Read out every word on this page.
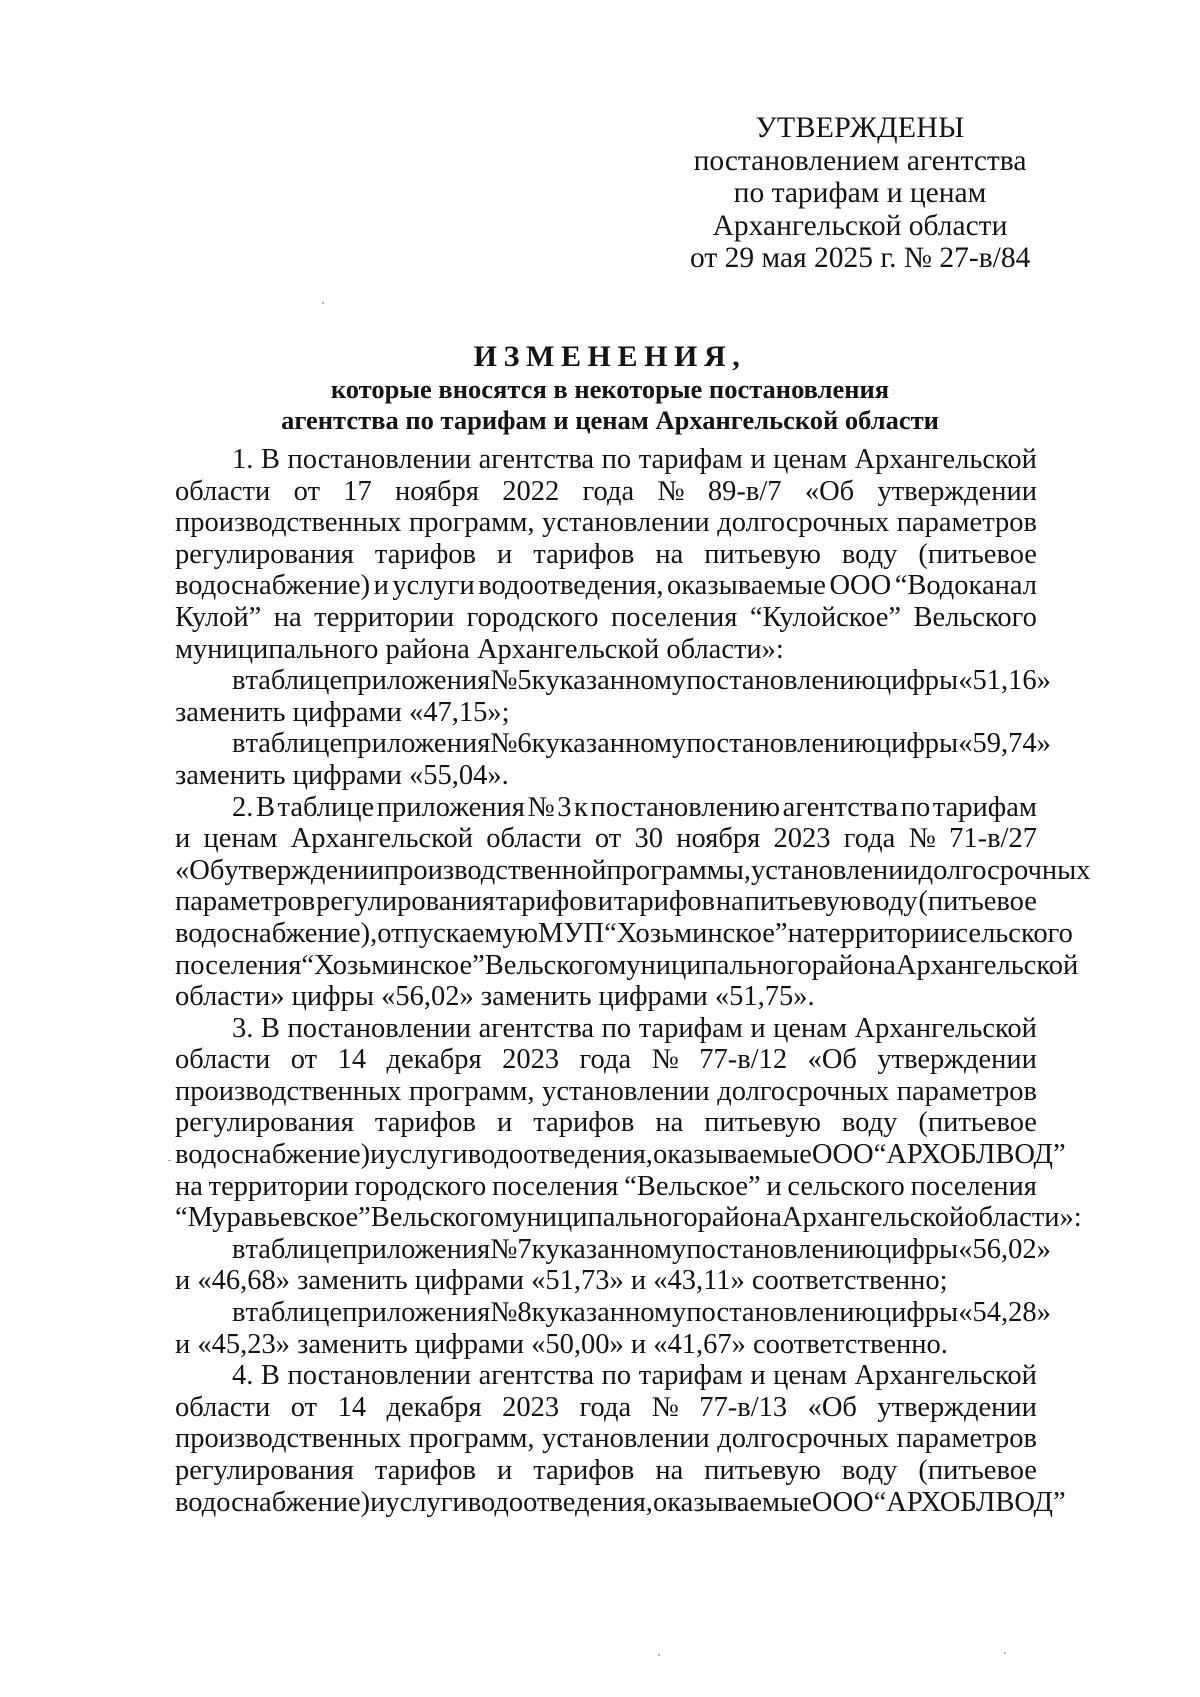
УТВЕРЖДЕНЫ
постановлением агентства
по тарифам и ценам
Архангельской области
от 29 мая 2025 г. № 27-в/84
ИЗМЕНЕНИЯ,
которые вносятся в некоторые постановления
агентства по тарифам и ценам Архангельской области
1. В постановлении агентства по тарифам и ценам Архангельской
области от 17 ноября 2022 года № 89-в/7 «Об утверждении
производственных программ, установлении долгосрочных параметров
регулирования тарифов и тарифов на питьевую воду (питьевое
водоснабжение) и услуги водоотведения, оказываемые ООО “Водоканал
Кулой” на территории городского поселения “Кулойское” Вельского
муниципального района Архангельской области»:
в таблице приложения № 5 к указанному постановлению цифры «51,16»
заменить цифрами «47,15»;
в таблице приложения № 6 к указанному постановлению цифры «59,74»
заменить цифрами «55,04».
2. В таблице приложения № 3 к постановлению агентства по тарифам
и ценам Архангельской области от 30 ноября 2023 года № 71-в/27
«Об утверждении производственной программы, установлении долгосрочных
параметров регулирования тарифов и тарифов на питьевую воду (питьевое
водоснабжение), отпускаемую МУП “Хозьминское” на территории сельского
поселения “Хозьминское” Вельского муниципального района Архангельской
области» цифры «56,02» заменить цифрами «51,75».
3. В постановлении агентства по тарифам и ценам Архангельской
области от 14 декабря 2023 года № 77-в/12 «Об утверждении
производственных программ, установлении долгосрочных параметров
регулирования тарифов и тарифов на питьевую воду (питьевое
водоснабжение) и услуги водоотведения, оказываемые ООО “АРХОБЛВОД”
на территории городского поселения “Вельское” и сельского поселения
“Муравьевское” Вельского муниципального района Архангельской области»:
в таблице приложения № 7 к указанному постановлению цифры «56,02»
и «46,68» заменить цифрами «51,73» и «43,11» соответственно;
в таблице приложения № 8 к указанному постановлению цифры «54,28»
и «45,23» заменить цифрами «50,00» и «41,67» соответственно.
4. В постановлении агентства по тарифам и ценам Архангельской
области от 14 декабря 2023 года № 77-в/13 «Об утверждении
производственных программ, установлении долгосрочных параметров
регулирования тарифов и тарифов на питьевую воду (питьевое
водоснабжение) и услуги водоотведения, оказываемые ООО “АРХОБЛВОД”
